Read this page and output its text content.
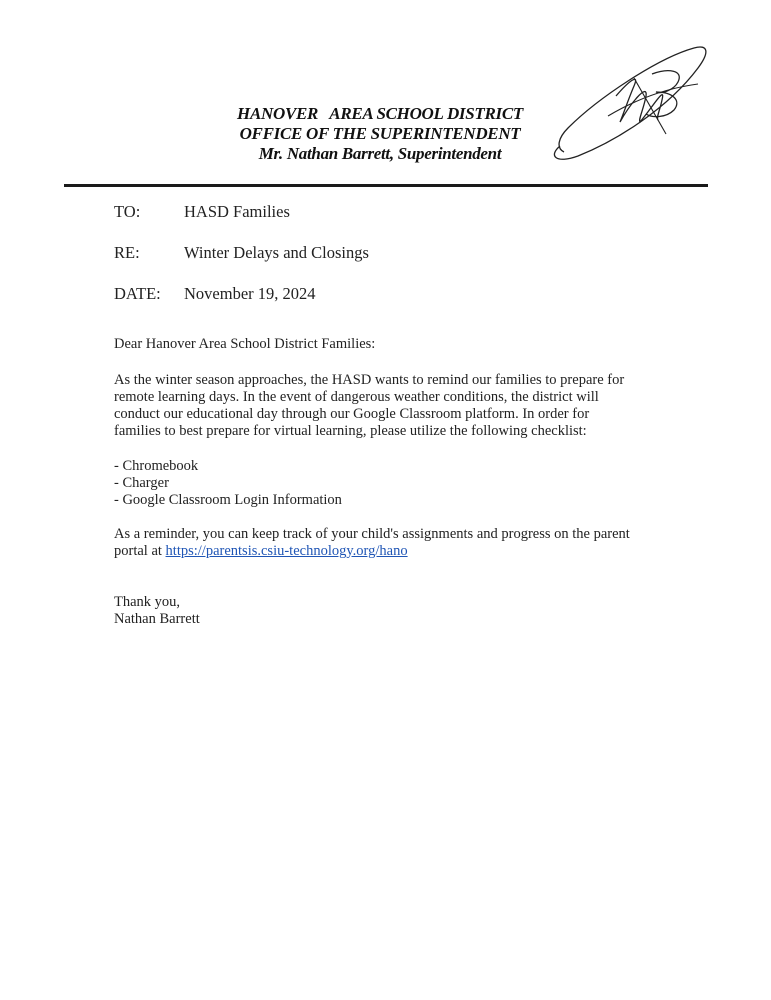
HANOVER   AREA SCHOOL DISTRICT
OFFICE OF THE SUPERINTENDENT
Mr. Nathan Barrett, Superintendent
TO:	HASD Families
RE:	Winter Delays and Closings
DATE: November 19, 2024

Dear Hanover Area School District Families:

As the winter season approaches, the HASD wants to remind our families to prepare for

remote learning days. In the event of dangerous weather conditions, the district will

conduct our educational day through our Google Classroom platform. In order for

families to best prepare for virtual learning, please utilize the following checklist:

- Chromebook

- Charger

- Google Classroom Login Information

As a reminder, you can keep track of your child's assignments and progress on the parent

portal at https://parentsis.csiu-technology.org/hano

Thank you,

Nathan Barrett
